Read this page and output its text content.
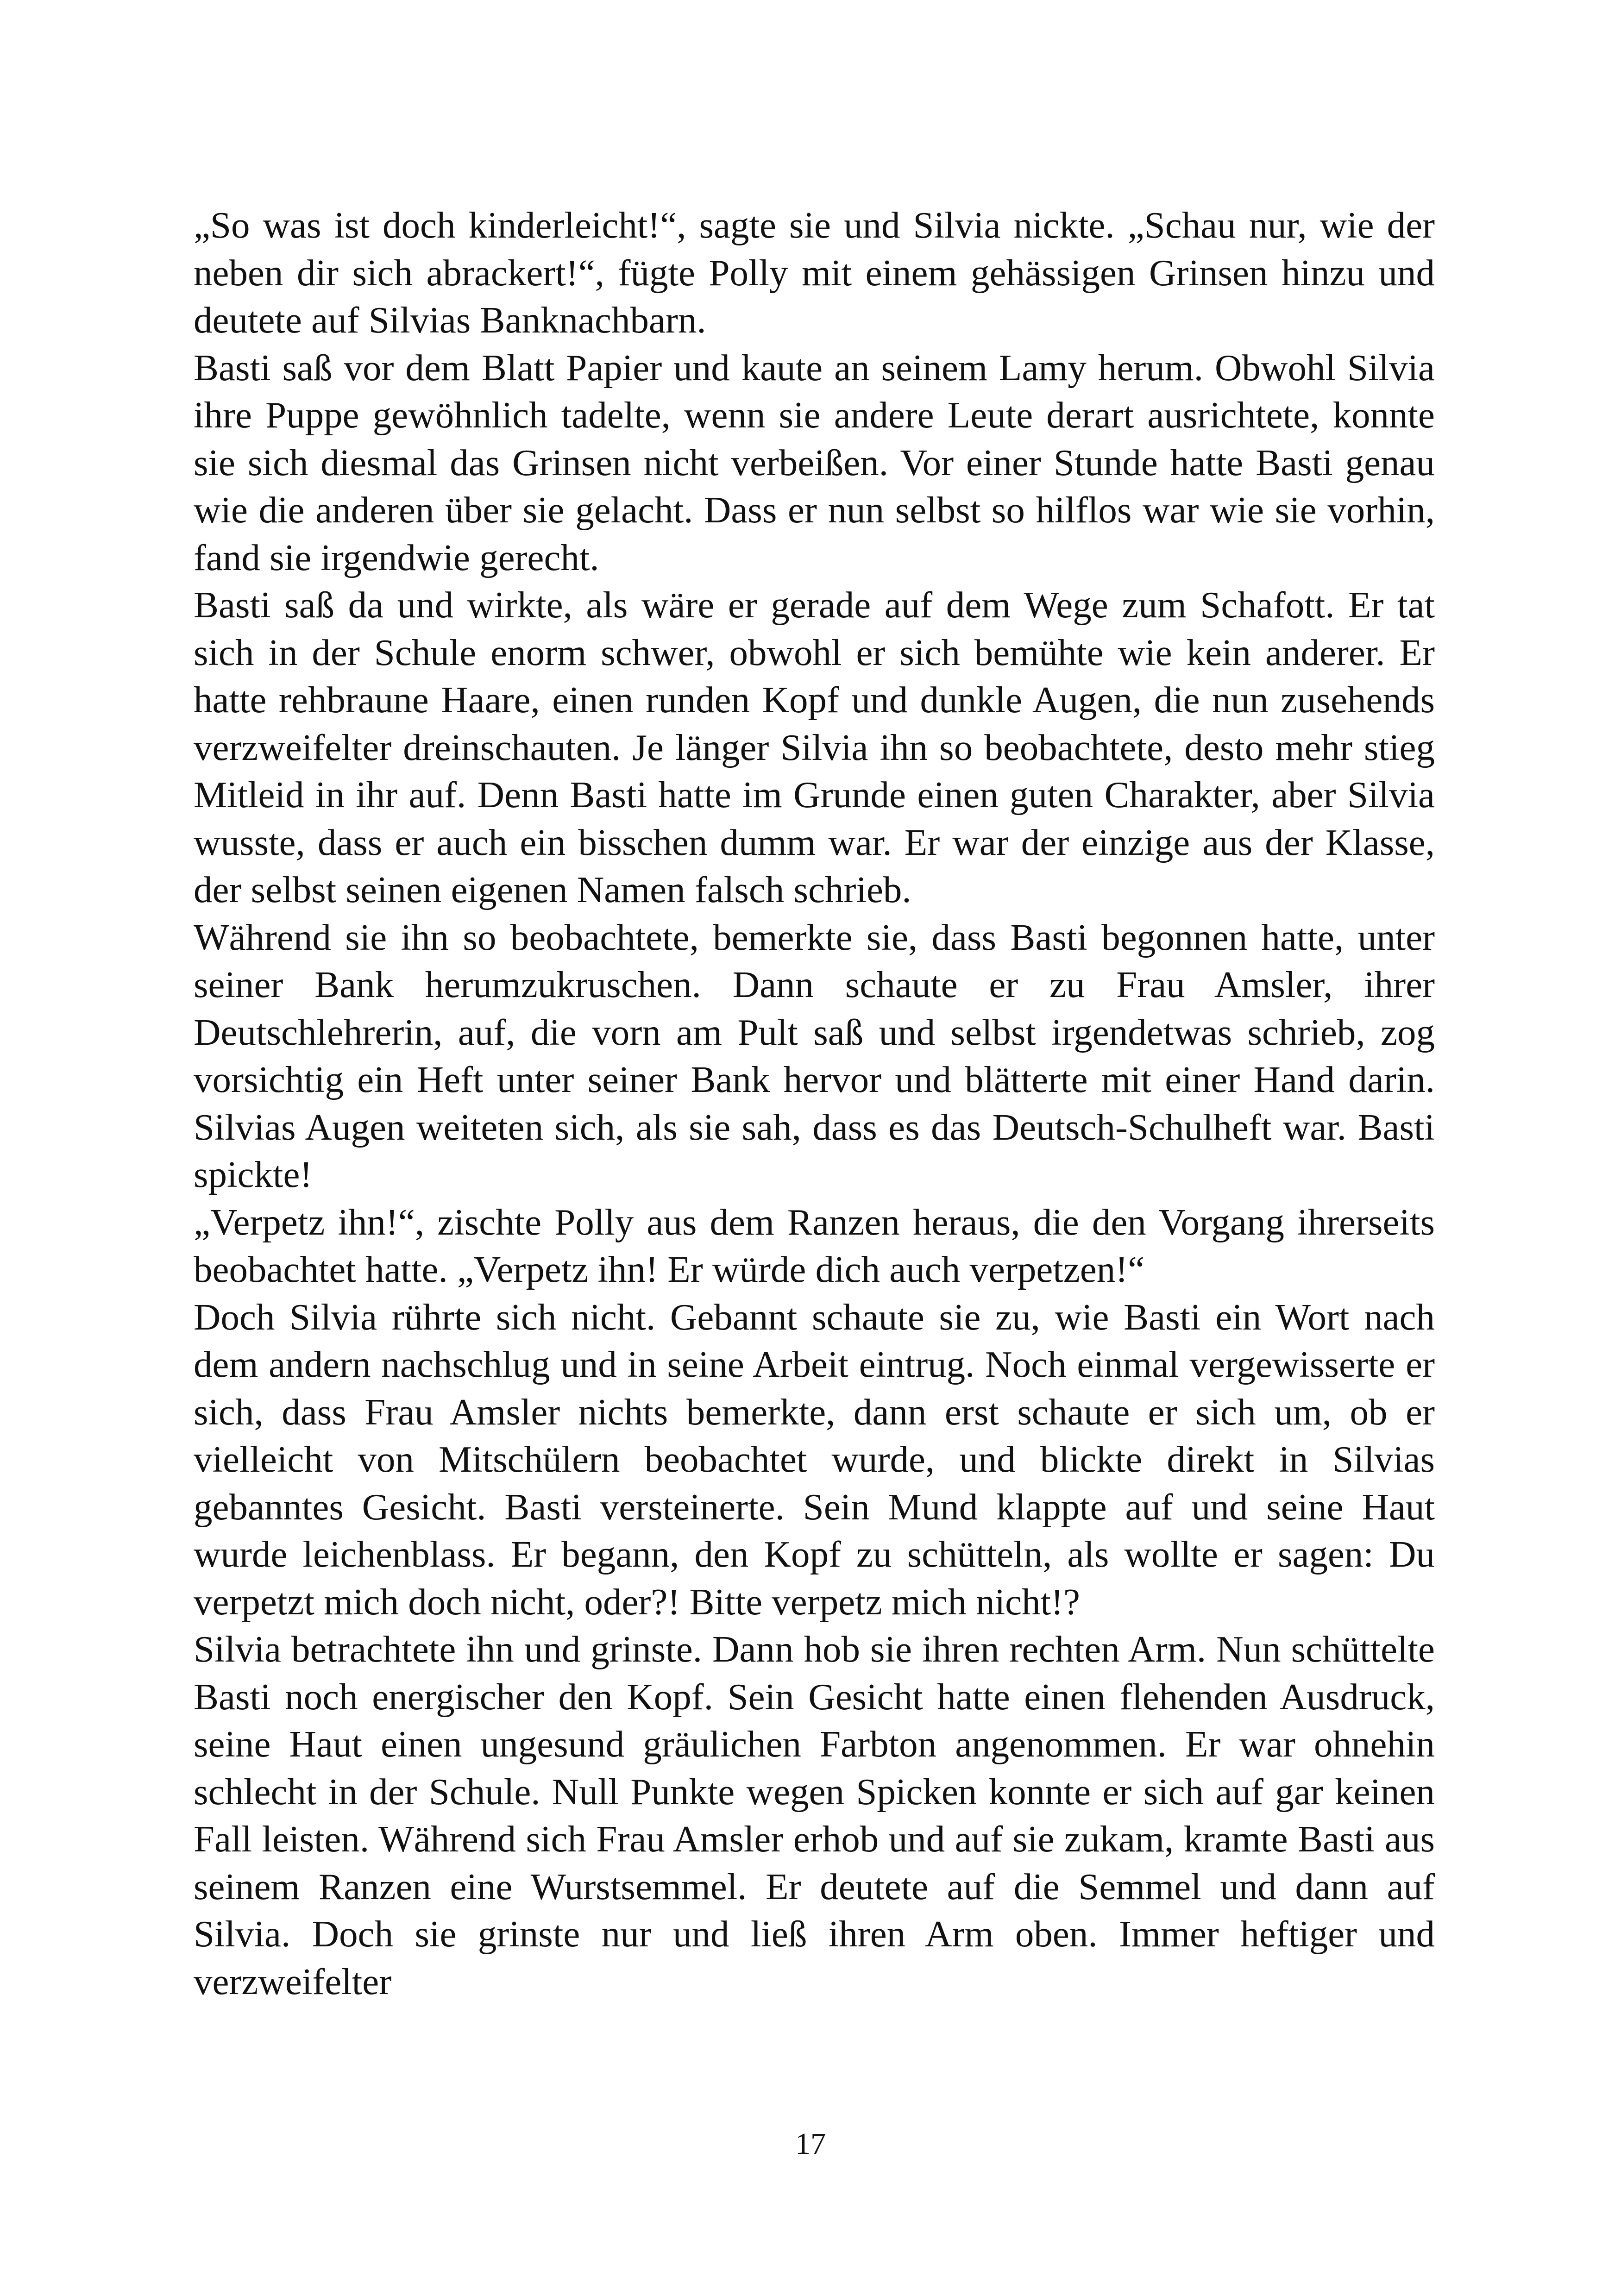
„So was ist doch kinderleicht!“, sagte sie und Silvia nickte. „Schau nur, wie der neben dir sich abrackert!“, fügte Polly mit einem gehässigen Grinsen hinzu und deutete auf Silvias Banknachbarn.

Basti saß vor dem Blatt Papier und kaute an seinem Lamy herum. Obwohl Silvia ihre Puppe gewöhnlich tadelte, wenn sie andere Leute derart ausrichtete, konnte sie sich diesmal das Grinsen nicht verbeißen. Vor einer Stunde hatte Basti genau wie die anderen über sie gelacht. Dass er nun selbst so hilflos war wie sie vorhin, fand sie irgendwie gerecht.

Basti saß da und wirkte, als wäre er gerade auf dem Wege zum Schafott. Er tat sich in der Schule enorm schwer, obwohl er sich bemühte wie kein anderer. Er hatte rehbraune Haare, einen runden Kopf und dunkle Augen, die nun zusehends verzweifelter dreinschauten. Je länger Silvia ihn so beobachtete, desto mehr stieg Mitleid in ihr auf. Denn Basti hatte im Grunde einen guten Charakter, aber Silvia wusste, dass er auch ein bisschen dumm war. Er war der einzige aus der Klasse, der selbst seinen eigenen Namen falsch schrieb.

Während sie ihn so beobachtete, bemerkte sie, dass Basti begonnen hatte, unter seiner Bank herumzukruschen. Dann schaute er zu Frau Amsler, ihrer Deutschlehrerin, auf, die vorn am Pult saß und selbst irgendetwas schrieb, zog vorsichtig ein Heft unter seiner Bank hervor und blätterte mit einer Hand darin. Silvias Augen weiteten sich, als sie sah, dass es das Deutsch-Schulheft war. Basti spickte!

„Verpetz ihn!“, zischte Polly aus dem Ranzen heraus, die den Vorgang ihrerseits beobachtet hatte. „Verpetz ihn! Er würde dich auch verpetzen!“

Doch Silvia rührte sich nicht. Gebannt schaute sie zu, wie Basti ein Wort nach dem andern nachschlug und in seine Arbeit eintrug. Noch einmal vergewisserte er sich, dass Frau Amsler nichts bemerkte, dann erst schaute er sich um, ob er vielleicht von Mitschülern beobachtet wurde, und blickte direkt in Silvias gebanntes Gesicht. Basti versteinerte. Sein Mund klappte auf und seine Haut wurde leichenblass. Er begann, den Kopf zu schütteln, als wollte er sagen: Du verpetzt mich doch nicht, oder?! Bitte verpetz mich nicht!?

Silvia betrachtete ihn und grinste. Dann hob sie ihren rechten Arm. Nun schüttelte Basti noch energischer den Kopf. Sein Gesicht hatte einen flehenden Ausdruck, seine Haut einen ungesund gräulichen Farbton angenommen. Er war ohnehin schlecht in der Schule. Null Punkte wegen Spicken konnte er sich auf gar keinen Fall leisten. Während sich Frau Amsler erhob und auf sie zukam, kramte Basti aus seinem Ranzen eine Wurstsemmel. Er deutete auf die Semmel und dann auf Silvia. Doch sie grinste nur und ließ ihren Arm oben. Immer heftiger und verzweifelter

17
